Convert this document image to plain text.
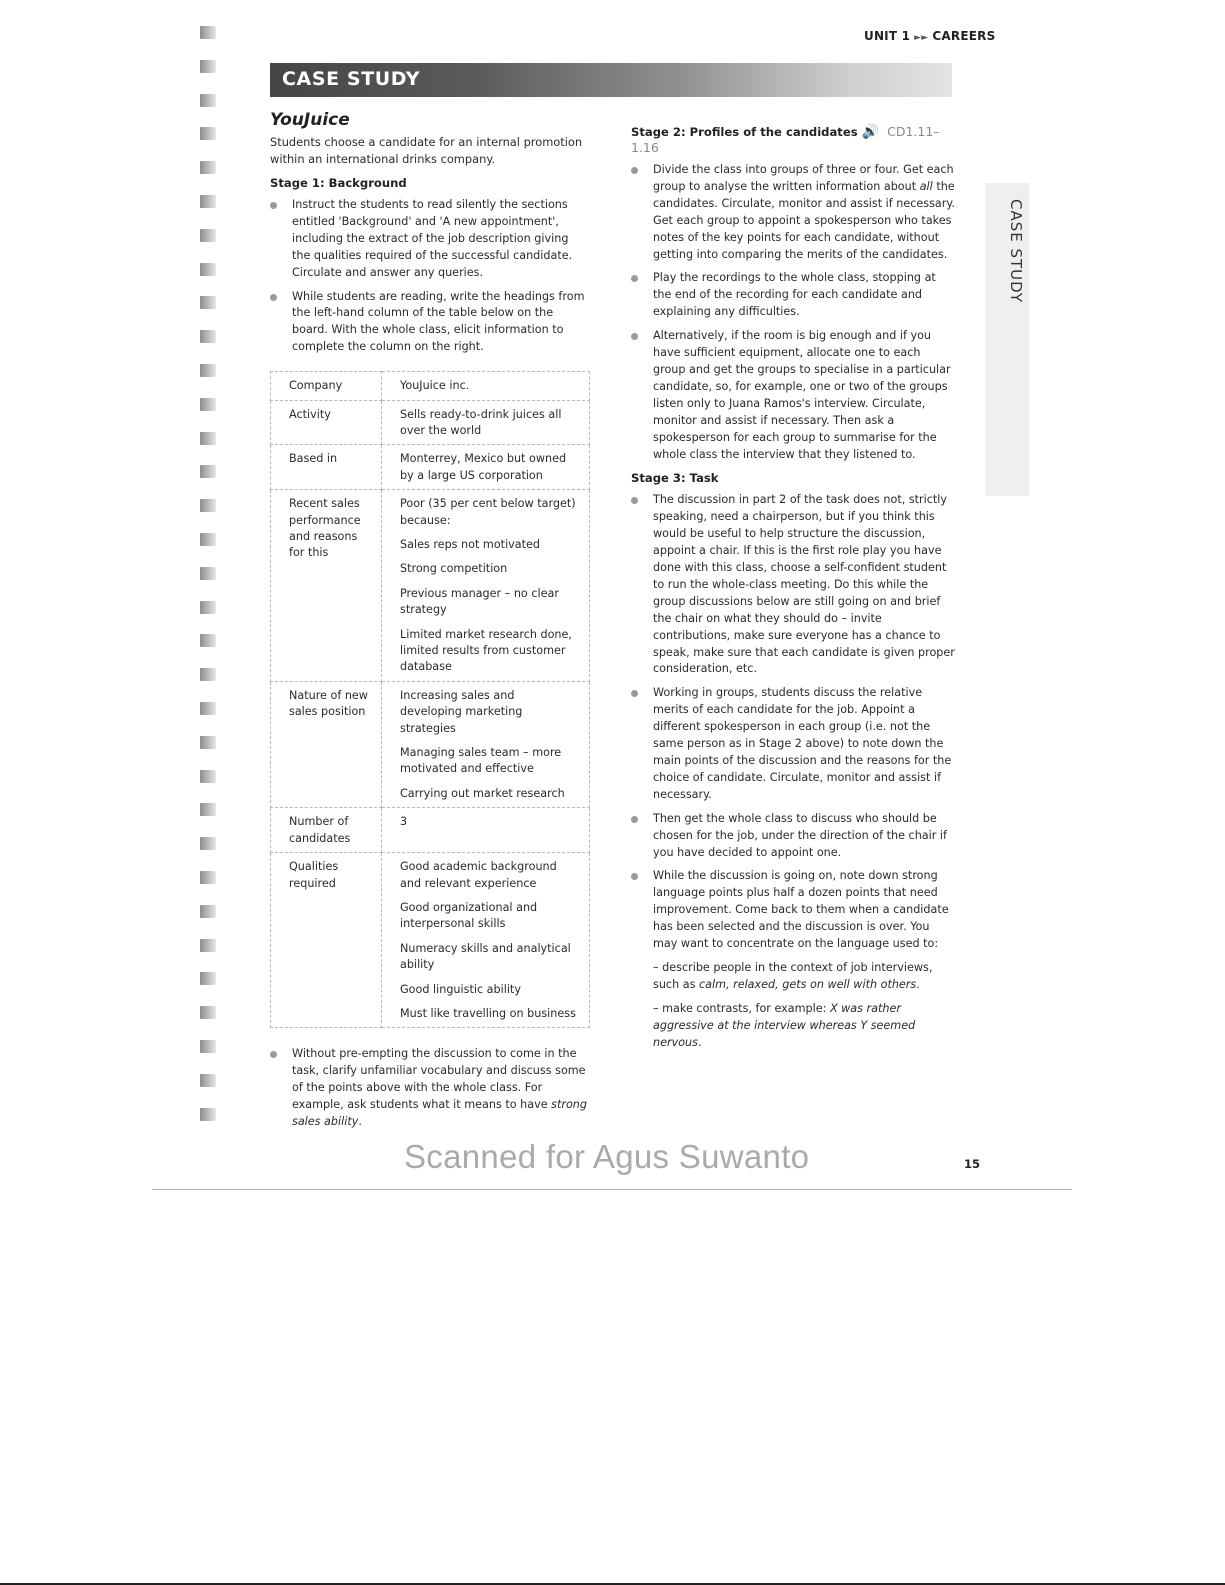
UNIT 1 ►► CAREERS
CASE STUDY
CASE STUDY

YouJuice

Students choose a candidate for an internal promotion within an international drinks company.

Stage 1: Background

Instruct the students to read silently the sections entitled 'Background' and 'A new appointment', including the extract of the job description giving the qualities required of the successful candidate. Circulate and answer any queries.
While students are reading, write the headings from the left-hand column of the table below on the board. With the whole class, elicit information to complete the column on the right.
Company	YouJuice inc.

Activity	Sells ready-to-drink juices all over the world

Based in	Monterrey, Mexico but owned by a large US corporation

Recent sales performance and reasons for this	Poor (35 per cent below target) because:
Sales reps not motivated
Strong competition
Previous manager – no clear strategy
Limited market research done, limited results from customer database

Nature of new sales position	Increasing sales and developing marketing strategies
Managing sales team – more motivated and effective
Carrying out market research

Number of candidates	3

Qualities required	Good academic background and relevant experience
Good organizational and interpersonal skills
Numeracy skills and analytical ability
Good linguistic ability
Must like travelling on business
Without pre-empting the discussion to come in the task, clarify unfamiliar vocabulary and discuss some of the points above with the whole class. For example, ask students what it means to have strong sales ability.

Stage 2: Profiles of the candidates 🔊 CD1.11–1.16

Divide the class into groups of three or four. Get each group to analyse the written information about all the candidates. Circulate, monitor and assist if necessary. Get each group to appoint a spokesperson who takes notes of the key points for each candidate, without getting into comparing the merits of the candidates.
Play the recordings to the whole class, stopping at the end of the recording for each candidate and explaining any difficulties.
Alternatively, if the room is big enough and if you have sufficient equipment, allocate one to each group and get the groups to specialise in a particular candidate, so, for example, one or two of the groups listen only to Juana Ramos's interview. Circulate, monitor and assist if necessary. Then ask a spokesperson for each group to summarise for the whole class the interview that they listened to.

Stage 3: Task

The discussion in part 2 of the task does not, strictly speaking, need a chairperson, but if you think this would be useful to help structure the discussion, appoint a chair. If this is the first role play you have done with this class, choose a self-confident student to run the whole-class meeting. Do this while the group discussions below are still going on and brief the chair on what they should do – invite contributions, make sure everyone has a chance to speak, make sure that each candidate is given proper consideration, etc.
Working in groups, students discuss the relative merits of each candidate for the job. Appoint a different spokesperson in each group (i.e. not the same person as in Stage 2 above) to note down the main points of the discussion and the reasons for the choice of candidate. Circulate, monitor and assist if necessary.
Then get the whole class to discuss who should be chosen for the job, under the direction of the chair if you have decided to appoint one.
While the discussion is going on, note down strong language points plus half a dozen points that need improvement. Come back to them when a candidate has been selected and the discussion is over. You may want to concentrate on the language used to:
– describe people in the context of job interviews, such as calm, relaxed, gets on well with others.
– make contrasts, for example: X was rather aggressive at the interview whereas Y seemed nervous.
Scanned for Agus Suwanto	15
